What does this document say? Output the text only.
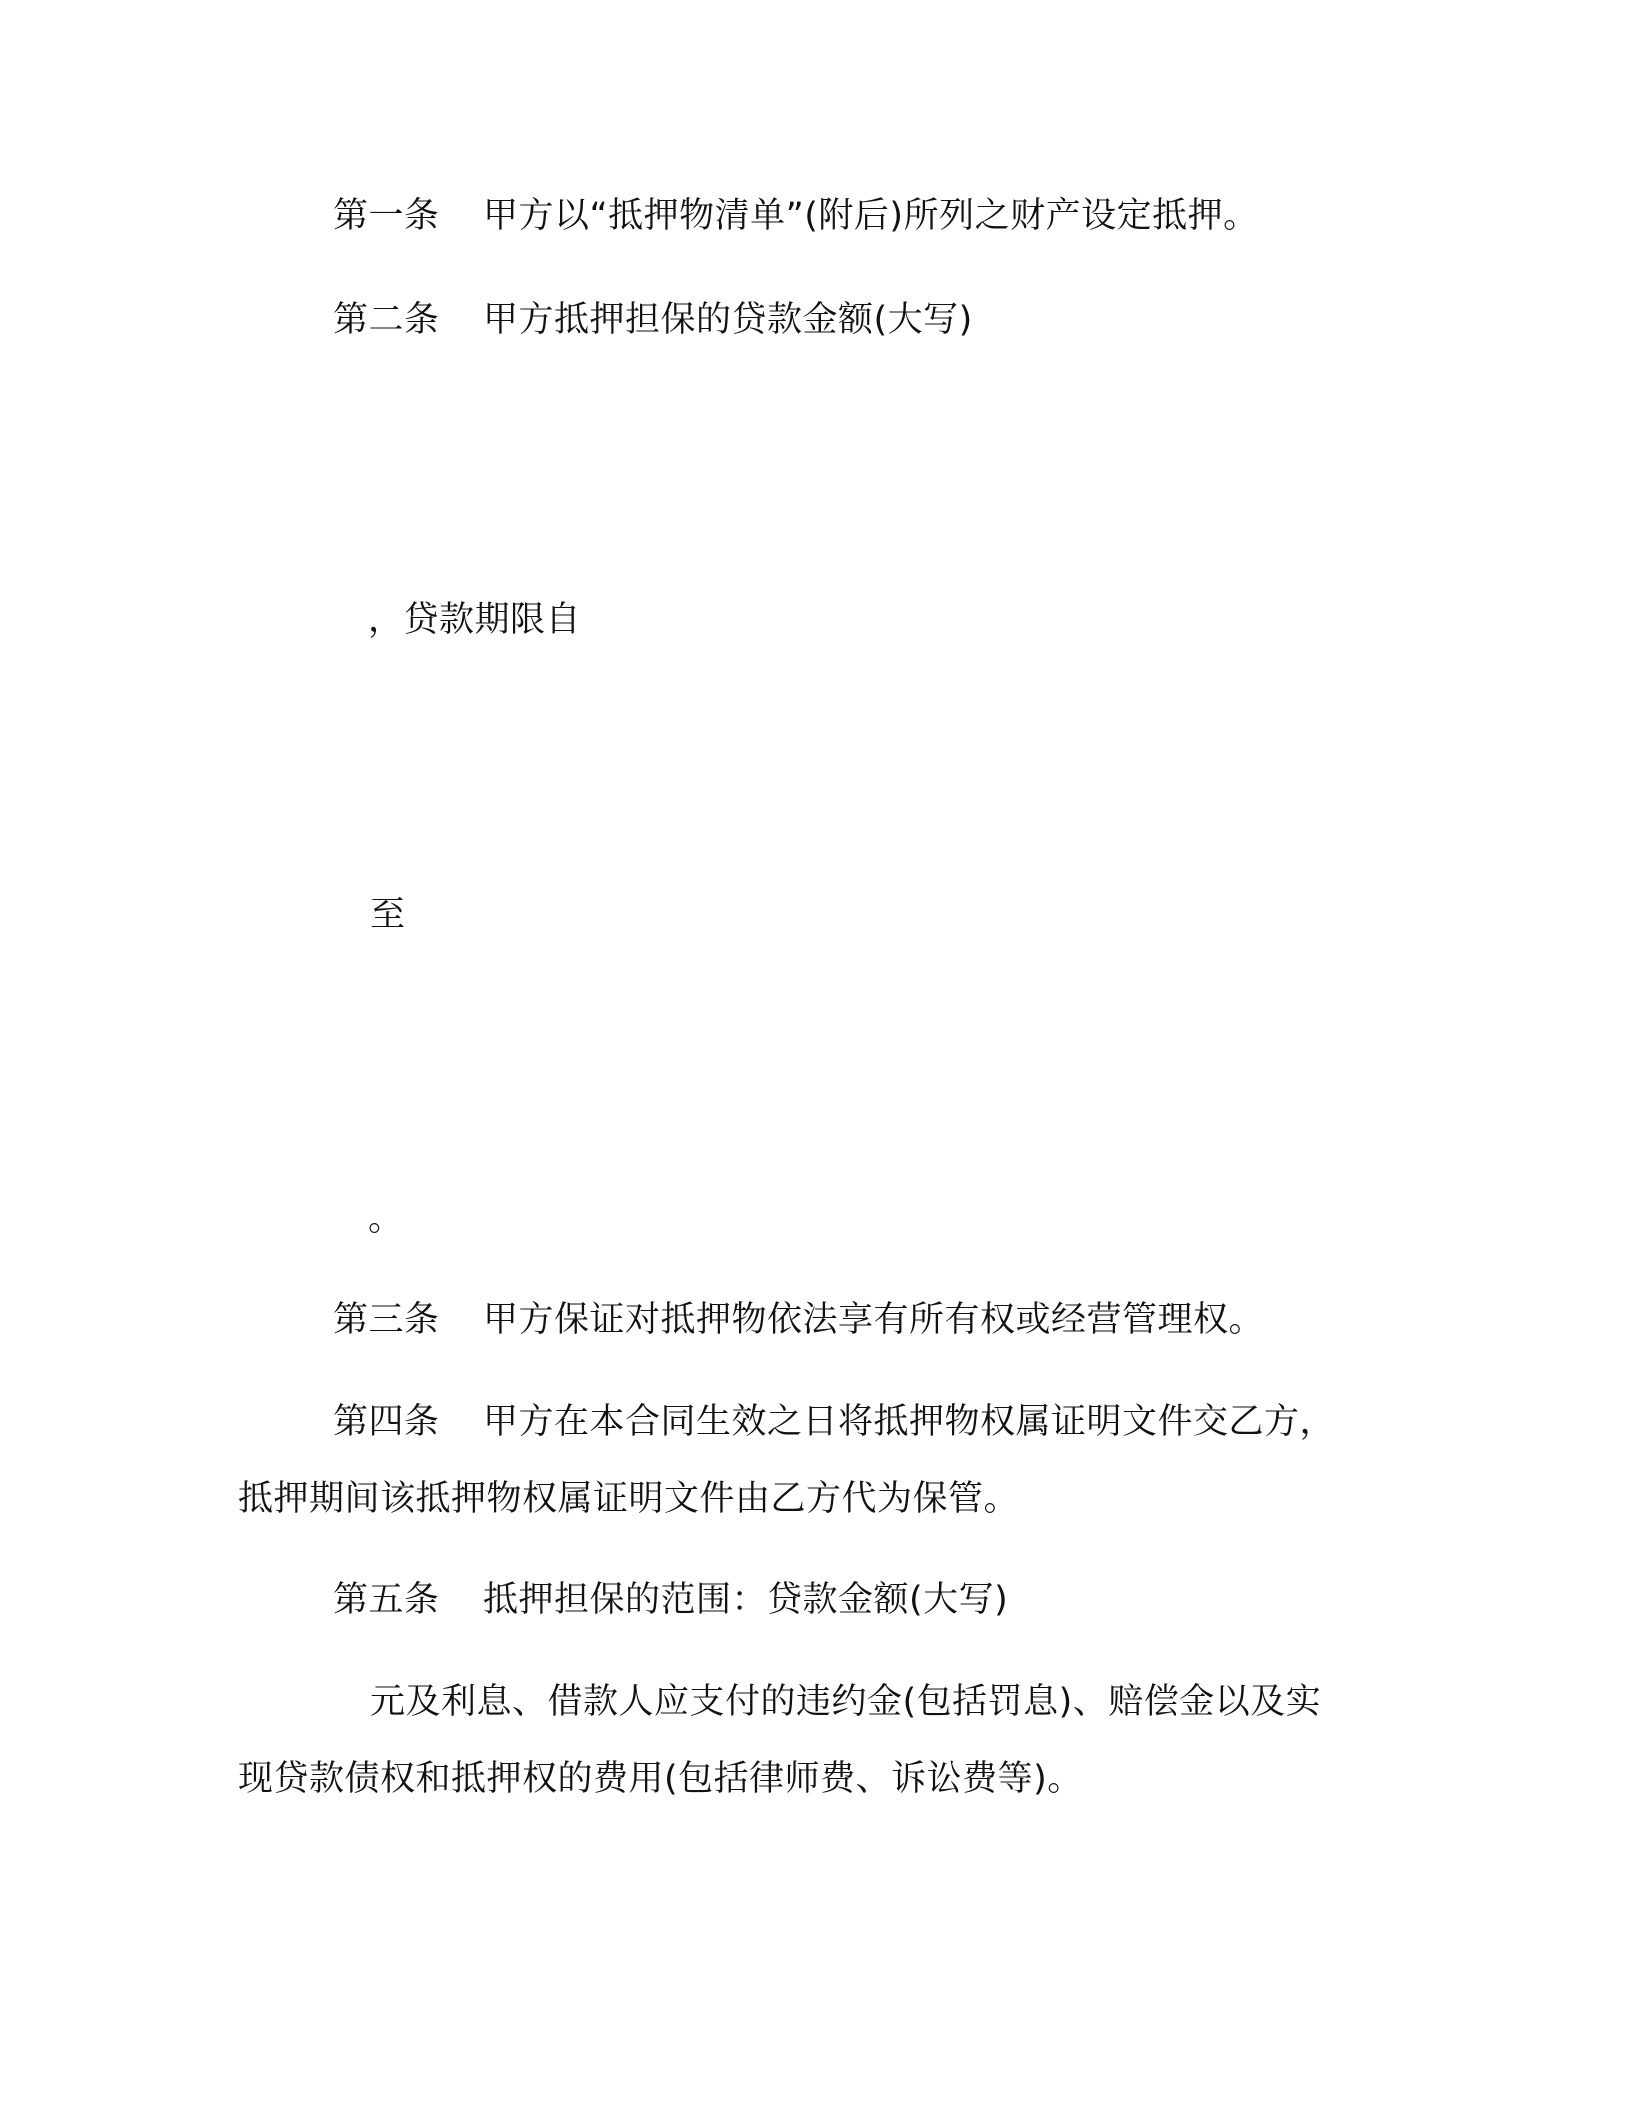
第一条 甲方以“抵押物清单”(附后)所列之财产设定抵押。
第二条 甲方抵押担保的贷款金额(大写)
，贷款期限自
至
。
第三条 甲方保证对抵押物依法享有所有权或经营管理权。
第四条 甲方在本合同生效之日将抵押物权属证明文件交乙方，
抵押期间该抵押物权属证明文件由乙方代为保管。
第五条 抵押担保的范围：贷款金额(大写)
元及利息、借款人应支付的违约金(包括罚息)、赔偿金以及实
现贷款债权和抵押权的费用(包括律师费、诉讼费等)。
